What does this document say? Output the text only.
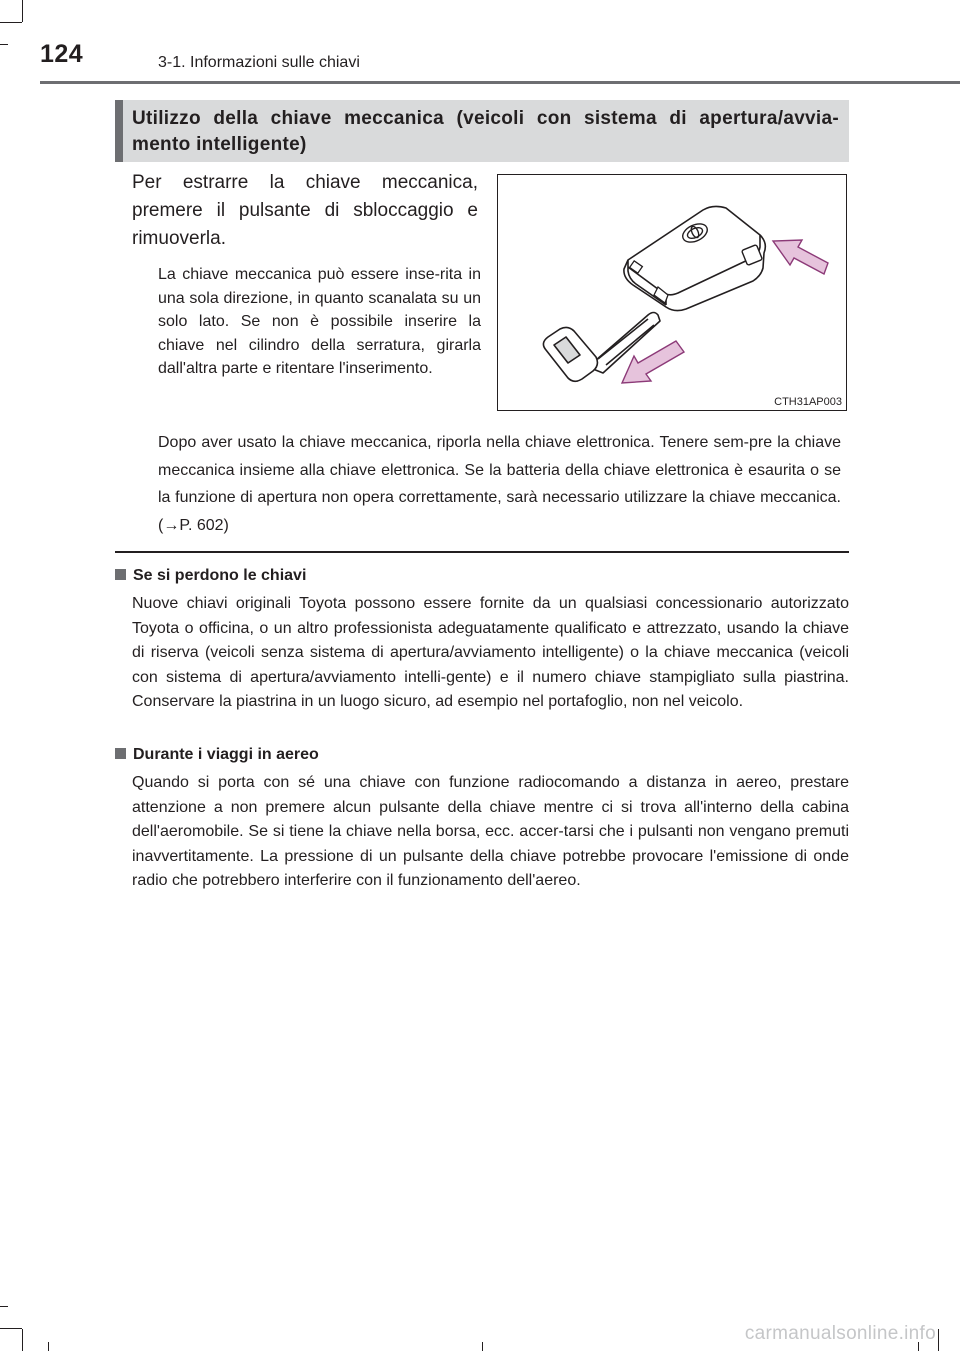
124	3-1. Informazioni sulle chiavi
Utilizzo della chiave meccanica (veicoli con sistema di apertura/avvia-mento intelligente)

Per estrarre la chiave meccanica, premere il pulsante di sbloccaggio e rimuoverla.

La chiave meccanica può essere inse-rita in una sola direzione, in quanto scanalata su un solo lato. Se non è possibile inserire la chiave nel cilindro della serratura, girarla dall'altra parte e ritentare l'inserimento.

CTH31AP003

Dopo aver usato la chiave meccanica, riporla nella chiave elettronica. Tenere sem-pre la chiave meccanica insieme alla chiave elettronica. Se la batteria della chiave elettronica è esaurita o se la funzione di apertura non opera correttamente, sarà necessario utilizzare la chiave meccanica. (→P. 602)

Se si perdono le chiavi

Nuove chiavi originali Toyota possono essere fornite da un qualsiasi concessionario autorizzato Toyota o officina, o un altro professionista adeguatamente qualificato e attrezzato, usando la chiave di riserva (veicoli senza sistema di apertura/avviamento intelligente) o la chiave meccanica (veicoli con sistema di apertura/avviamento intelli-gente) e il numero chiave stampigliato sulla piastrina. Conservare la piastrina in un luogo sicuro, ad esempio nel portafoglio, non nel veicolo.

Durante i viaggi in aereo

Quando si porta con sé una chiave con funzione radiocomando a distanza in aereo, prestare attenzione a non premere alcun pulsante della chiave mentre ci si trova all'interno della cabina dell'aeromobile. Se si tiene la chiave nella borsa, ecc. accer-tarsi che i pulsanti non vengano premuti inavvertitamente. La pressione di un pulsante della chiave potrebbe provocare l'emissione di onde radio che potrebbero interferire con il funzionamento dell'aereo.

carmanualsonline.info
